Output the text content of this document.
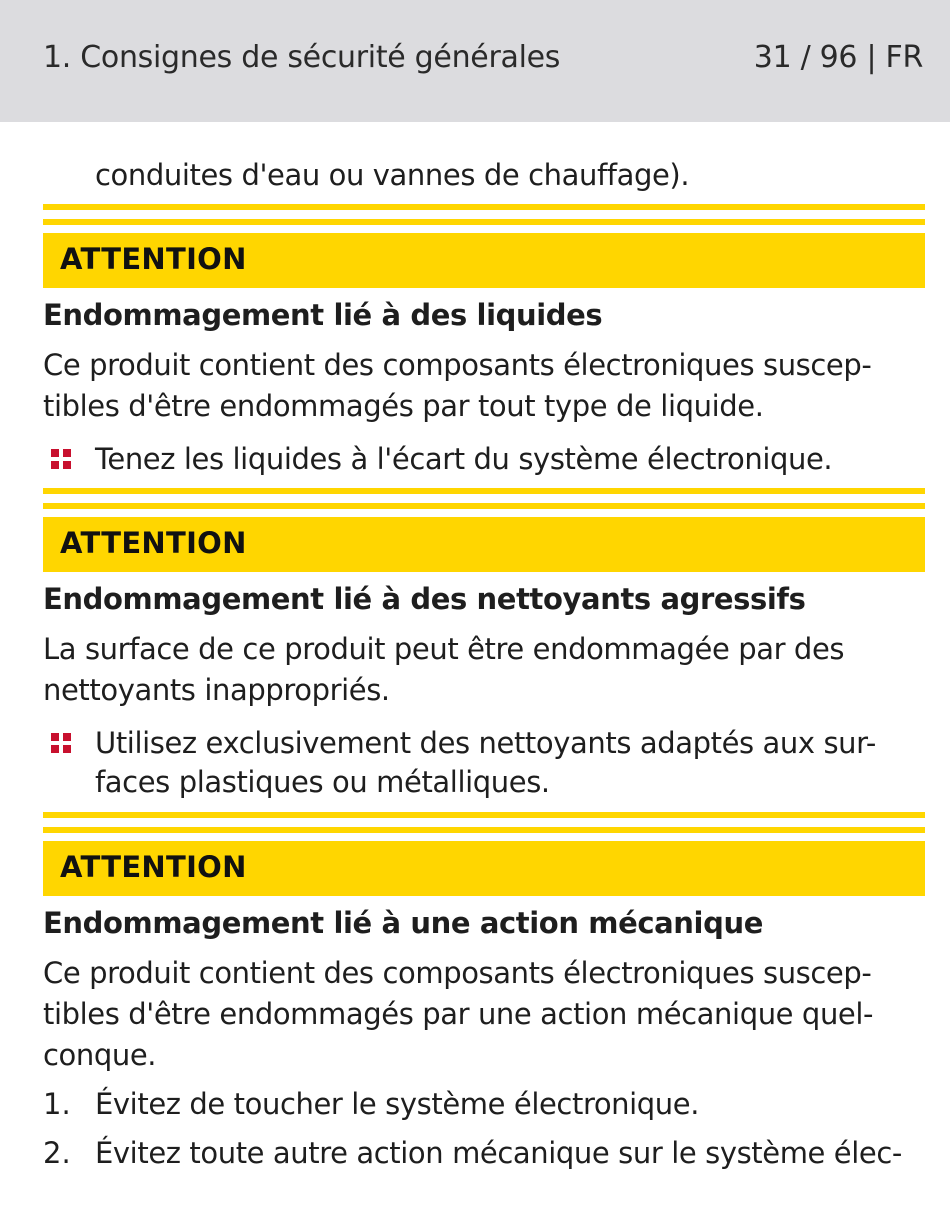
1. Consignes de sécurité générales	31 / 96 | FR
conduites d'eau ou vannes de chauffage).
ATTENTION
Endommagement lié à des liquides
Ce produit contient des composants électroniques suscep-
tibles d'être endommagés par tout type de liquide.
Tenez les liquides à l'écart du système électronique.
ATTENTION
Endommagement lié à des nettoyants agressifs
La surface de ce produit peut être endommagée par des
nettoyants inappropriés.
Utilisez exclusivement des nettoyants adaptés aux sur-
faces plastiques ou métalliques.
ATTENTION
Endommagement lié à une action mécanique
Ce produit contient des composants électroniques suscep-
tibles d'être endommagés par une action mécanique quel-
conque.
1. Évitez de toucher le système électronique.
2. Évitez toute autre action mécanique sur le système élec-
